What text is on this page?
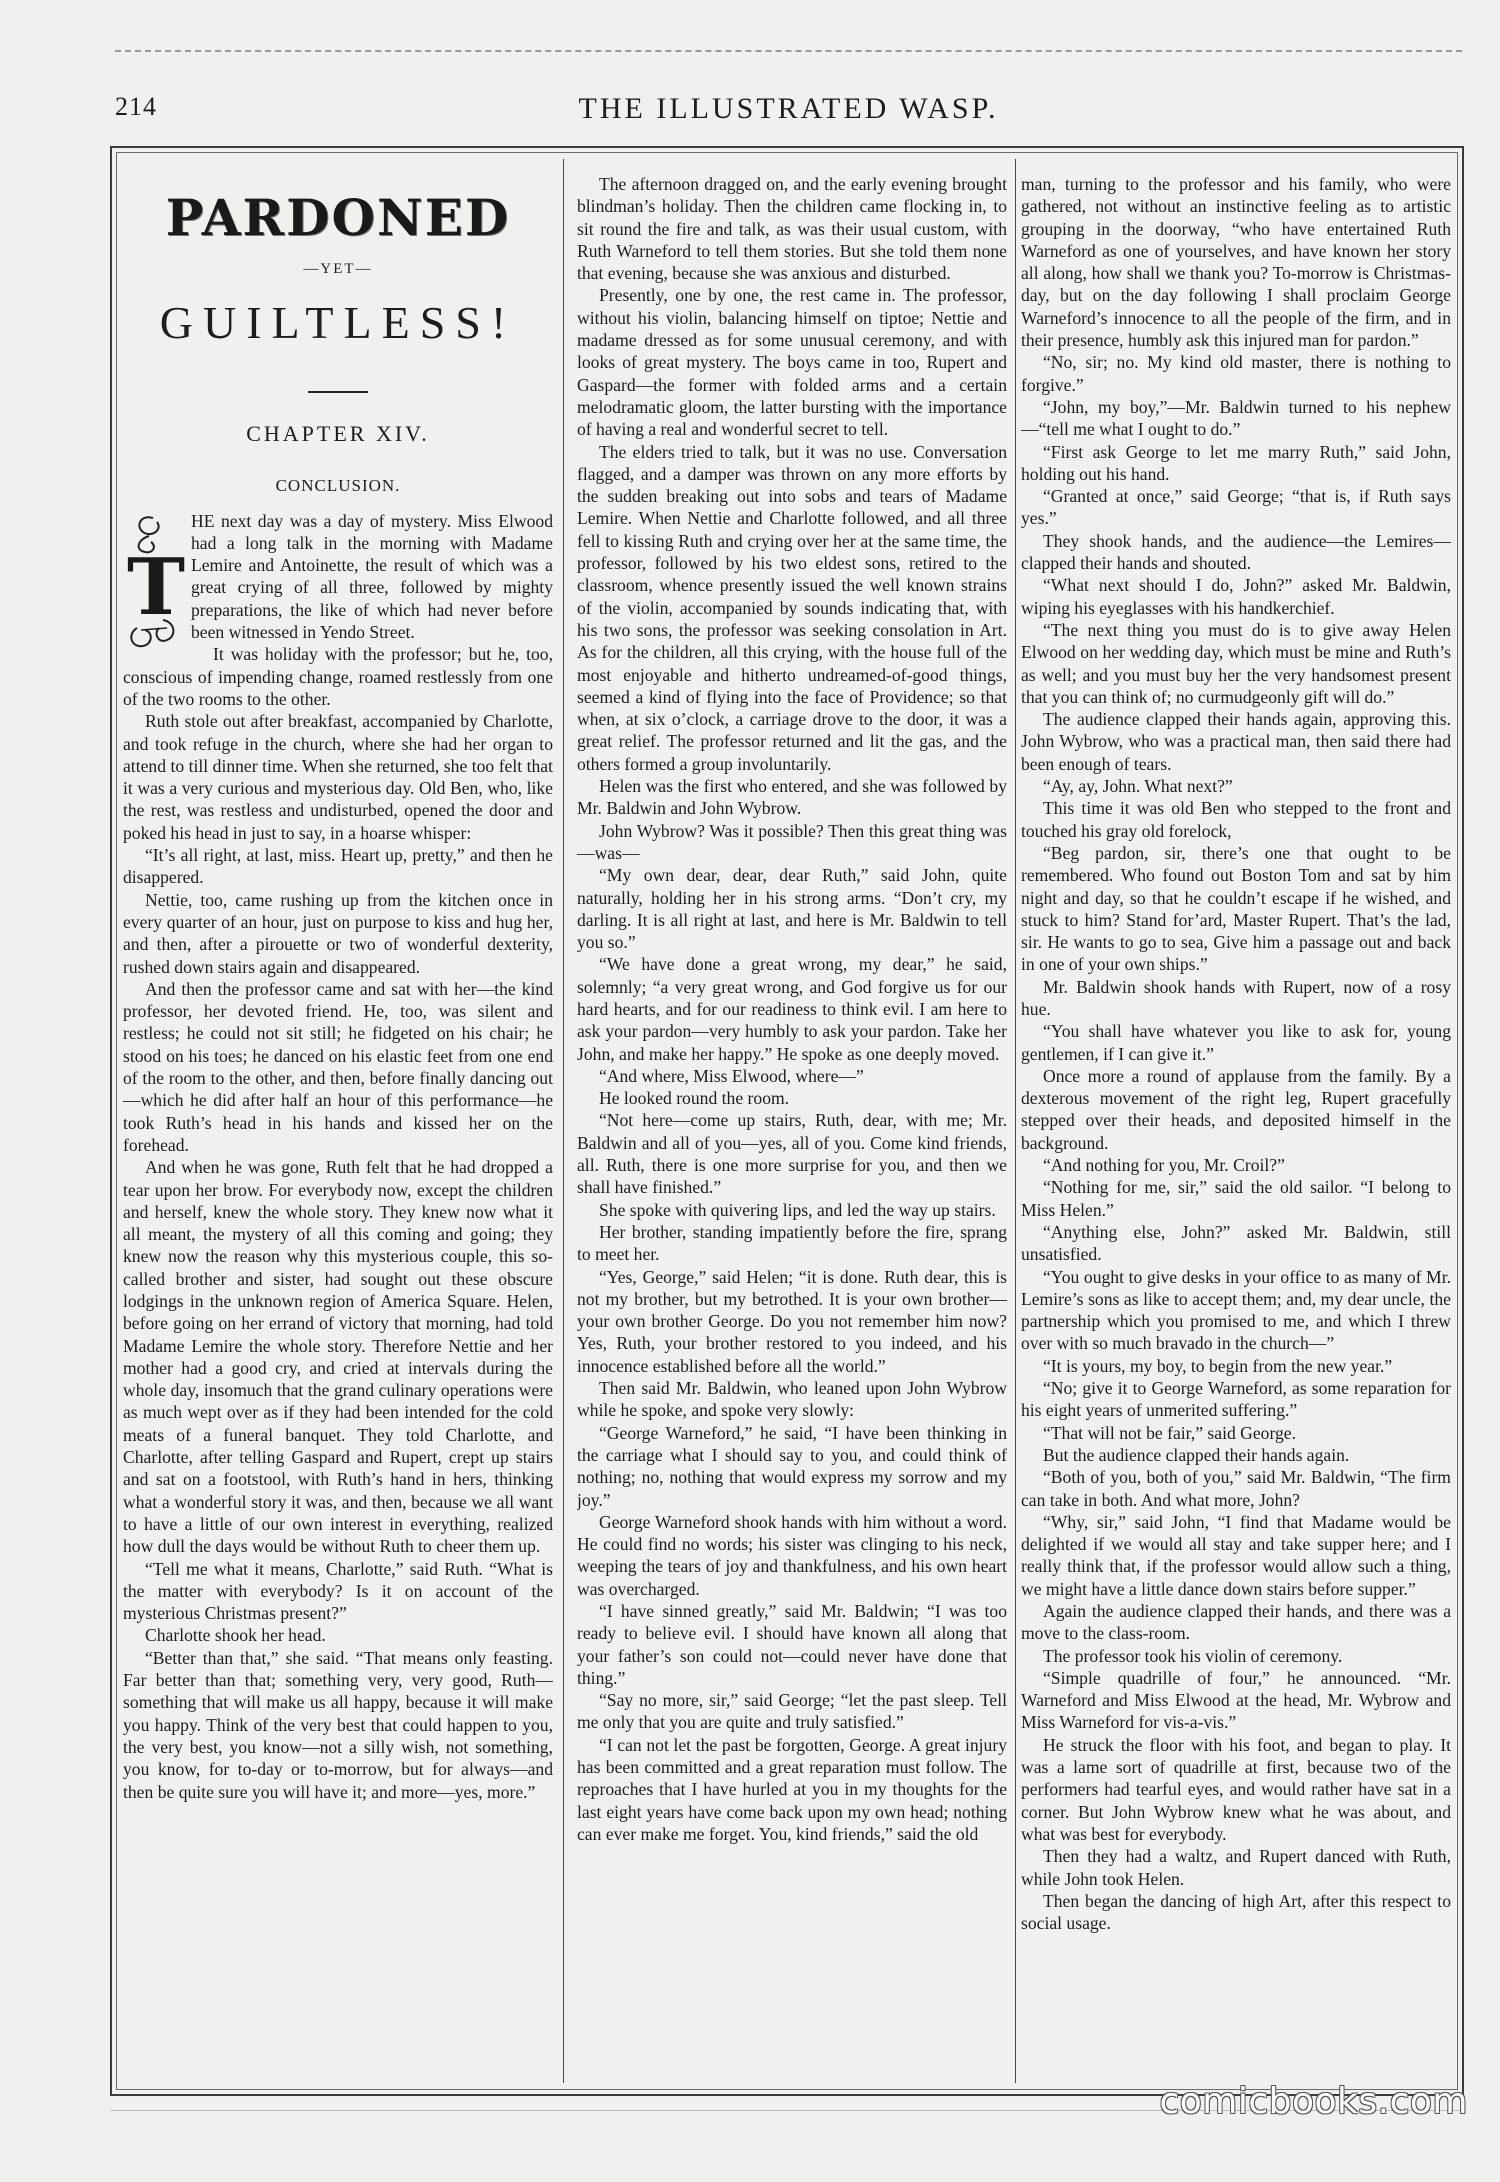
214	THE ILLUSTRATED WASP.
PARDONED
—YET—
GUILTLESS!
CHAPTER XIV.
CONCLUSION.
T

HE next day was a day of mystery. Miss Elwood had a long talk in the morning with Madame Lemire and Antoinette, the result of which was a great crying of all three, followed by mighty preparations, the like of which had never before been witnessed in Yendo Street.

It was holiday with the professor; but he, too, conscious of impending change, roamed restlessly from one of the two rooms to the other.

Ruth stole out after breakfast, accompanied by Charlotte, and took refuge in the church, where she had her organ to attend to till dinner time. When she returned, she too felt that it was a very curious and mysterious day. Old Ben, who, like the rest, was restless and undisturbed, opened the door and poked his head in just to say, in a hoarse whisper:

“It’s all right, at last, miss. Heart up, pretty,” and then he disappered.

Nettie, too, came rushing up from the kitchen once in every quarter of an hour, just on purpose to kiss and hug her, and then, after a pirouette or two of wonderful dexterity, rushed down stairs again and disappeared.

And then the professor came and sat with her—the kind professor, her devoted friend. He, too, was silent and restless; he could not sit still; he fidgeted on his chair; he stood on his toes; he danced on his elastic feet from one end of the room to the other, and then, before finally dancing out—which he did after half an hour of this performance—he took Ruth’s head in his hands and kissed her on the forehead.

And when he was gone, Ruth felt that he had dropped a tear upon her brow. For everybody now, except the children and herself, knew the whole story. They knew now what it all meant, the mystery of all this coming and going; they knew now the reason why this mysterious couple, this so-called brother and sister, had sought out these obscure lodgings in the unknown region of America Square. Helen, before going on her errand of victory that morning, had told Madame Lemire the whole story. Therefore Nettie and her mother had a good cry, and cried at intervals during the whole day, insomuch that the grand culinary operations were as much wept over as if they had been intended for the cold meats of a funeral banquet. They told Charlotte, and Charlotte, after telling Gaspard and Rupert, crept up stairs and sat on a footstool, with Ruth’s hand in hers, thinking what a wonderful story it was, and then, because we all want to have a little of our own interest in everything, realized how dull the days would be without Ruth to cheer them up.

“Tell me what it means, Charlotte,” said Ruth. “What is the matter with everybody? Is it on account of the mysterious Christmas present?”

Charlotte shook her head.

“Better than that,” she said. “That means only feasting. Far better than that; something very, very good, Ruth—something that will make us all happy, because it will make you happy. Think of the very best that could happen to you, the very best, you know—not a silly wish, not something, you know, for to-day or to-morrow, but for always—and then be quite sure you will have it; and more—yes, more.”

The afternoon dragged on, and the early evening brought blindman’s holiday. Then the children came flocking in, to sit round the fire and talk, as was their usual custom, with Ruth Warneford to tell them stories. But she told them none that evening, because she was anxious and disturbed.

Presently, one by one, the rest came in. The professor, without his violin, balancing himself on tiptoe; Nettie and madame dressed as for some unusual ceremony, and with looks of great mystery. The boys came in too, Rupert and Gaspard—the former with folded arms and a certain melodramatic gloom, the latter bursting with the importance of having a real and wonderful secret to tell.

The elders tried to talk, but it was no use. Conversation flagged, and a damper was thrown on any more efforts by the sudden breaking out into sobs and tears of Madame Lemire. When Nettie and Charlotte followed, and all three fell to kissing Ruth and crying over her at the same time, the professor, followed by his two eldest sons, retired to the classroom, whence presently issued the well known strains of the violin, accompanied by sounds indicating that, with his two sons, the professor was seeking consolation in Art. As for the children, all this crying, with the house full of the most enjoyable and hitherto undreamed-of-good things, seemed a kind of flying into the face of Providence; so that when, at six o’clock, a carriage drove to the door, it was a great relief. The professor returned and lit the gas, and the others formed a group involuntarily.

Helen was the first who entered, and she was followed by Mr. Baldwin and John Wybrow.

John Wybrow? Was it possible? Then this great thing was—was—

“My own dear, dear, dear Ruth,” said John, quite naturally, holding her in his strong arms. “Don’t cry, my darling. It is all right at last, and here is Mr. Baldwin to tell you so.”

“We have done a great wrong, my dear,” he said, solemnly; “a very great wrong, and God forgive us for our hard hearts, and for our readiness to think evil. I am here to ask your pardon—very humbly to ask your pardon. Take her John, and make her happy.” He spoke as one deeply moved.

“And where, Miss Elwood, where—”

He looked round the room.

“Not here—come up stairs, Ruth, dear, with me; Mr. Baldwin and all of you—yes, all of you. Come kind friends, all. Ruth, there is one more surprise for you, and then we shall have finished.”

She spoke with quivering lips, and led the way up stairs.

Her brother, standing impatiently before the fire, sprang to meet her.

“Yes, George,” said Helen; “it is done. Ruth dear, this is not my brother, but my betrothed. It is your own brother—your own brother George. Do you not remember him now? Yes, Ruth, your brother restored to you indeed, and his innocence established before all the world.”

Then said Mr. Baldwin, who leaned upon John Wybrow while he spoke, and spoke very slowly:

“George Warneford,” he said, “I have been thinking in the carriage what I should say to you, and could think of nothing; no, nothing that would express my sorrow and my joy.”

George Warneford shook hands with him without a word. He could find no words; his sister was clinging to his neck, weeping the tears of joy and thankfulness, and his own heart was overcharged.

“I have sinned greatly,” said Mr. Baldwin; “I was too ready to believe evil. I should have known all along that your father’s son could not—could never have done that thing.”

“Say no more, sir,” said George; “let the past sleep. Tell me only that you are quite and truly satisfied.”

“I can not let the past be forgotten, George. A great injury has been committed and a great reparation must follow. The reproaches that I have hurled at you in my thoughts for the last eight years have come back upon my own head; nothing can ever make me forget. You, kind friends,” said the old

man, turning to the professor and his family, who were gathered, not without an instinctive feeling as to artistic grouping in the doorway, “who have entertained Ruth Warneford as one of yourselves, and have known her story all along, how shall we thank you? To-morrow is Christmas-day, but on the day following I shall proclaim George Warneford’s innocence to all the people of the firm, and in their presence, humbly ask this injured man for pardon.”

“No, sir; no. My kind old master, there is nothing to forgive.”

“John, my boy,”—Mr. Baldwin turned to his nephew—“tell me what I ought to do.”

“First ask George to let me marry Ruth,” said John, holding out his hand.

“Granted at once,” said George; “that is, if Ruth says yes.”

They shook hands, and the audience—the Lemires—clapped their hands and shouted.

“What next should I do, John?” asked Mr. Baldwin, wiping his eyeglasses with his handkerchief.

“The next thing you must do is to give away Helen Elwood on her wedding day, which must be mine and Ruth’s as well; and you must buy her the very handsomest present that you can think of; no curmudgeonly gift will do.”

The audience clapped their hands again, approving this. John Wybrow, who was a practical man, then said there had been enough of tears.

“Ay, ay, John. What next?”

This time it was old Ben who stepped to the front and touched his gray old forelock,

“Beg pardon, sir, there’s one that ought to be remembered. Who found out Boston Tom and sat by him night and day, so that he couldn’t escape if he wished, and stuck to him? Stand for’ard, Master Rupert. That’s the lad, sir. He wants to go to sea, Give him a passage out and back in one of your own ships.”

Mr. Baldwin shook hands with Rupert, now of a rosy hue.

“You shall have whatever you like to ask for, young gentlemen, if I can give it.”

Once more a round of applause from the family. By a dexterous movement of the right leg, Rupert gracefully stepped over their heads, and deposited himself in the background.

“And nothing for you, Mr. Croil?”

“Nothing for me, sir,” said the old sailor. “I belong to Miss Helen.”

“Anything else, John?” asked Mr. Baldwin, still unsatisfied.

“You ought to give desks in your office to as many of Mr. Lemire’s sons as like to accept them; and, my dear uncle, the partnership which you promised to me, and which I threw over with so much bravado in the church—”

“It is yours, my boy, to begin from the new year.”

“No; give it to George Warneford, as some reparation for his eight years of unmerited suffering.”

“That will not be fair,” said George.

But the audience clapped their hands again.

“Both of you, both of you,” said Mr. Baldwin, “The firm can take in both. And what more, John?

“Why, sir,” said John, “I find that Madame would be delighted if we would all stay and take supper here; and I really think that, if the professor would allow such a thing, we might have a little dance down stairs before supper.”

Again the audience clapped their hands, and there was a move to the class-room.

The professor took his violin of ceremony.

“Simple quadrille of four,” he announced. “Mr. Warneford and Miss Elwood at the head, Mr. Wybrow and Miss Warneford for vis-a-vis.”

He struck the floor with his foot, and began to play. It was a lame sort of quadrille at first, because two of the performers had tearful eyes, and would rather have sat in a corner. But John Wybrow knew what he was about, and what was best for everybody.

Then they had a waltz, and Rupert danced with Ruth, while John took Helen.

Then began the dancing of high Art, after this respect to social usage.

comicbooks.com
